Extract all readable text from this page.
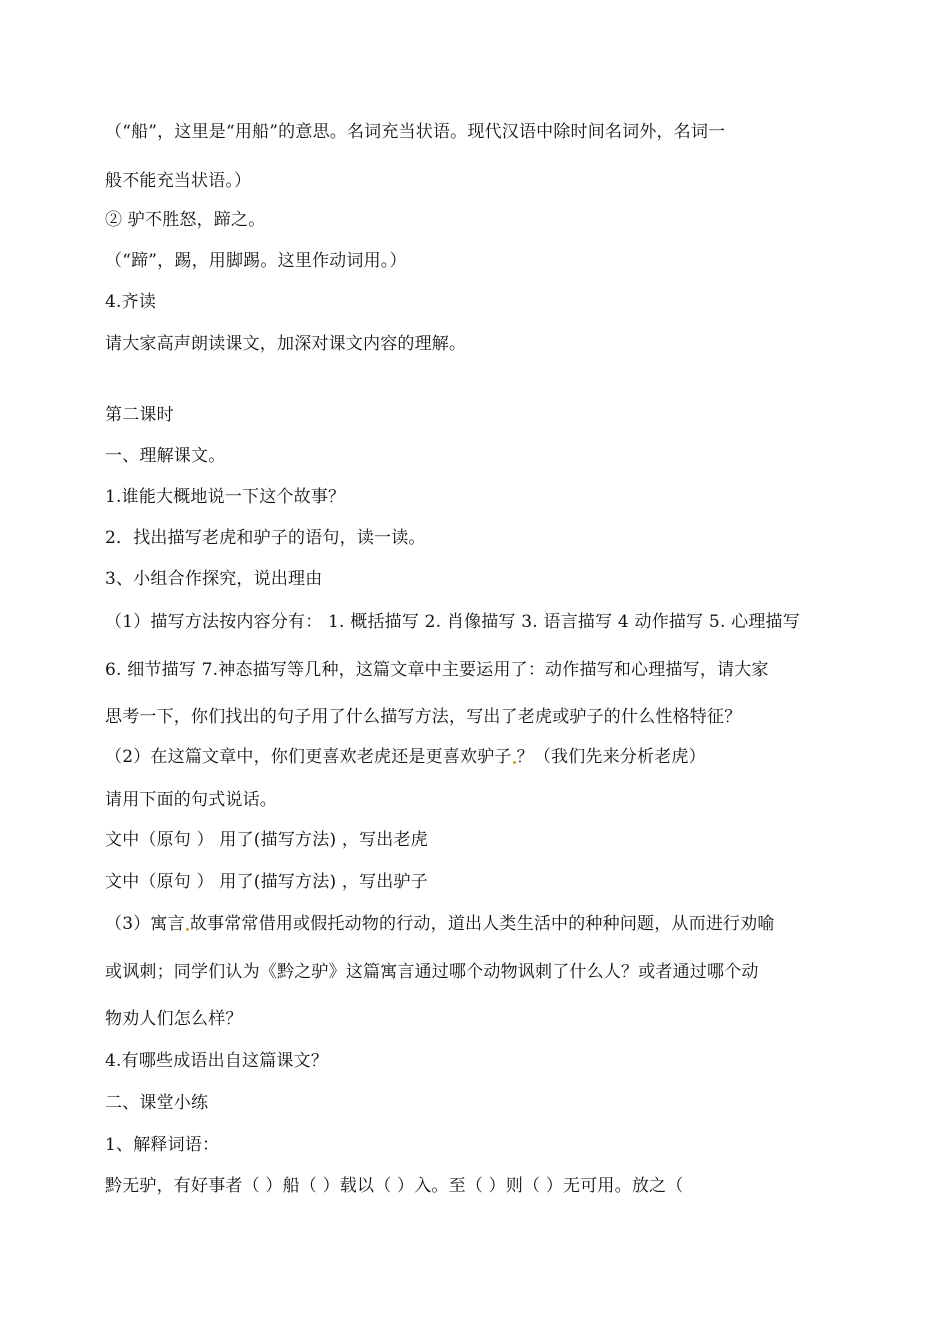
（“船”，这里是“用船”的意思。名词充当状语。现代汉语中除时间名词外，名词一
般不能充当状语。）
② 驴不胜怒，蹄之。
（“蹄”，踢，用脚踢。这里作动词用。）
4.齐读
请大家高声朗读课文，加深对课文内容的理解。
第二课时
一、理解课文。
1.谁能大概地说一下这个故事？
2．找出描写老虎和驴子的语句，读一读。
3、小组合作探究，说出理由
（1）描写方法按内容分有： 1. 概括描写 2. 肖像描写 3. 语言描写 4 动作描写 5. 心理描写
6. 细节描写 7.神态描写等几种，这篇文章中主要运用了：动作描写和心理描写，请大家
思考一下，你们找出的句子用了什么描写方法，写出了老虎或驴子的什么性格特征？
（2）在这篇文章中，你们更喜欢老虎还是更喜欢驴子 ？（我们先来分析老虎）
请用下面的句式说话。
文中（原句 ） 用了(描写方法) ，写出老虎
文中（原句 ） 用了(描写方法) ，写出驴子
（3）寓言 故事常常借用或假托动物的行动，道出人类生活中的种种问题，从而进行劝喻
或讽刺；同学们认为《黔之驴》这篇寓言通过哪个动物讽刺了什么人？或者通过哪个动
物劝人们怎么样？
4.有哪些成语出自这篇课文？
二、课堂小练
1、解释词语：
黔无驴，有好事者（ ）船（ ）载以（ ）入。至（ ）则（ ）无可用。放之（
